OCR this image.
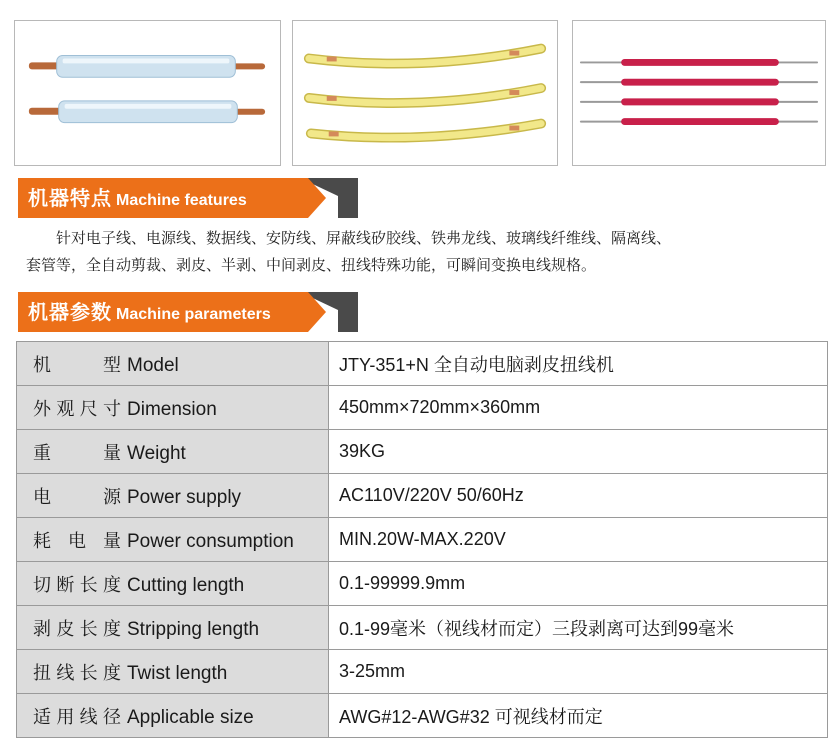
机器特点 Machine features
针对电子线、电源线、数据线、安防线、屏蔽线矽胶线、铁弗龙线、玻璃线纤维线、隔离线、
套管等，全自动剪裁、剥皮、半剥、中间剥皮、扭线特殊功能，可瞬间变换电线规格。
机器参数 Machine parameters
机型 Model	JTY-351+N 全自动电脑剥皮扭线机
外观尺寸 Dimension	450mm×720mm×360mm
重量 Weight	39KG
电源 Power supply	AC110V/220V 50/60Hz
耗电量 Power consumption	MIN.20W-MAX.220V
切断长度 Cutting length	0.1-99999.9mm
剥皮长度 Stripping length	0.1-99毫米（视线材而定）三段剥离可达到99毫米
扭线长度 Twist length	3-25mm
适用线径 Applicable size	AWG#12-AWG#32 可视线材而定
